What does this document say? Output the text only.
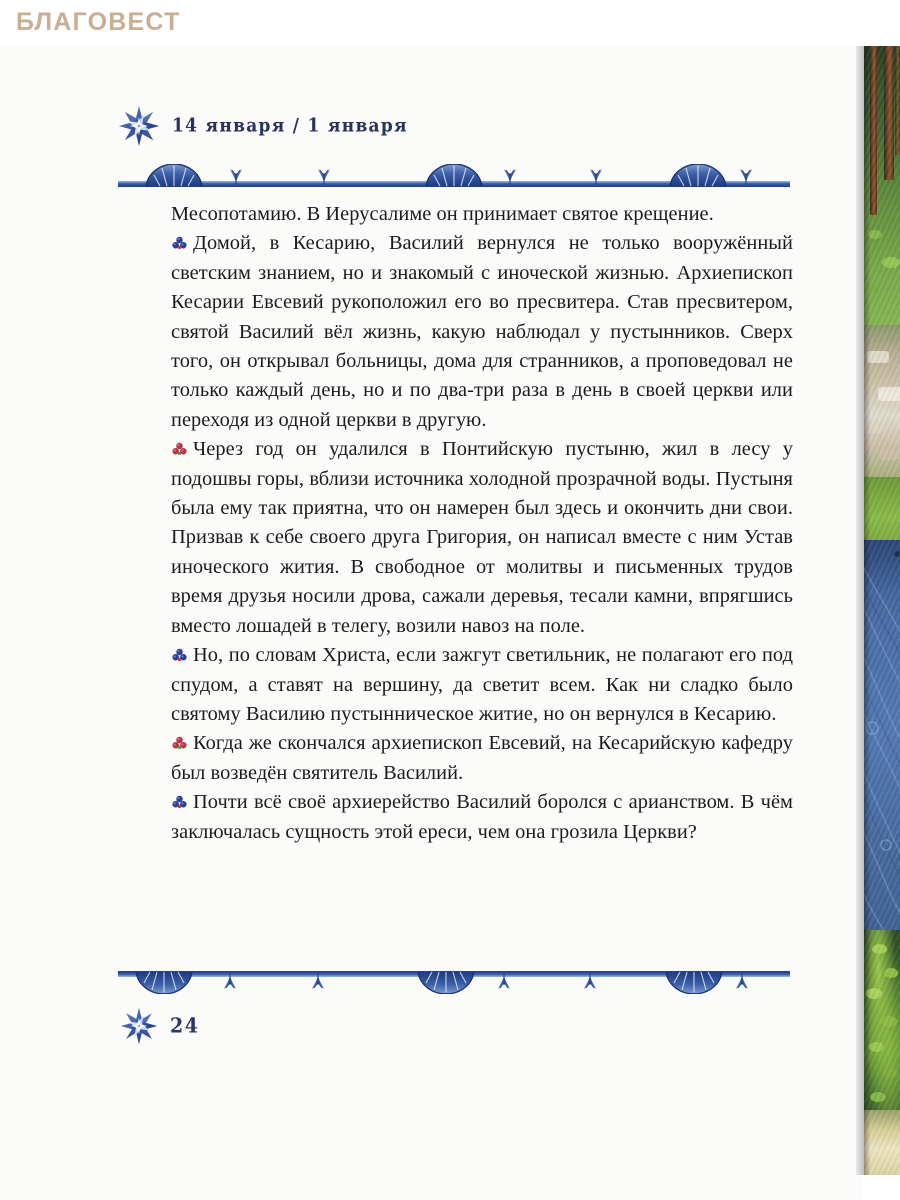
14 января / 1 января

Месопотамию. В Иерусалиме он принимает святое крещение.

Домой, в Кесарию, Василий вернулся не только вооружённый светским знанием, но и знакомый с иноческой жизнью. Архиепископ Кесарии Евсевий рукоположил его во пресвитера. Став пресвитером, святой Василий вёл жизнь, какую наблюдал у пустынников. Сверх того, он открывал больницы, дома для странников, а проповедовал не только каждый день, но и по два-три раза в день в своей церкви или переходя из одной церкви в другую.

Через год он удалился в Понтийскую пустыню, жил в лесу у подошвы горы, вблизи источника холодной прозрачной воды. Пустыня была ему так приятна, что он намерен был здесь и окончить дни свои. Призвав к себе своего друга Григория, он написал вместе с ним Устав иноческого жития. В свободное от молитвы и письменных трудов время друзья носили дрова, сажали деревья, тесали камни, впрягшись вместо лошадей в телегу, возили навоз на поле.

Но, по словам Христа, если зажгут светильник, не полагают его под спудом, а ставят на вершину, да светит всем. Как ни сладко было святому Василию пустынническое житие, но он вернулся в Кесарию.

Когда же скончался архиепископ Евсевий, на Кесарийскую кафедру был возведён святитель Василий.

Почти всё своё архиерейство Василий боролся с арианством. В чём заключалась сущность этой ереси, чем она грозила Церкви?

24
БЛАГОВЕСТ
